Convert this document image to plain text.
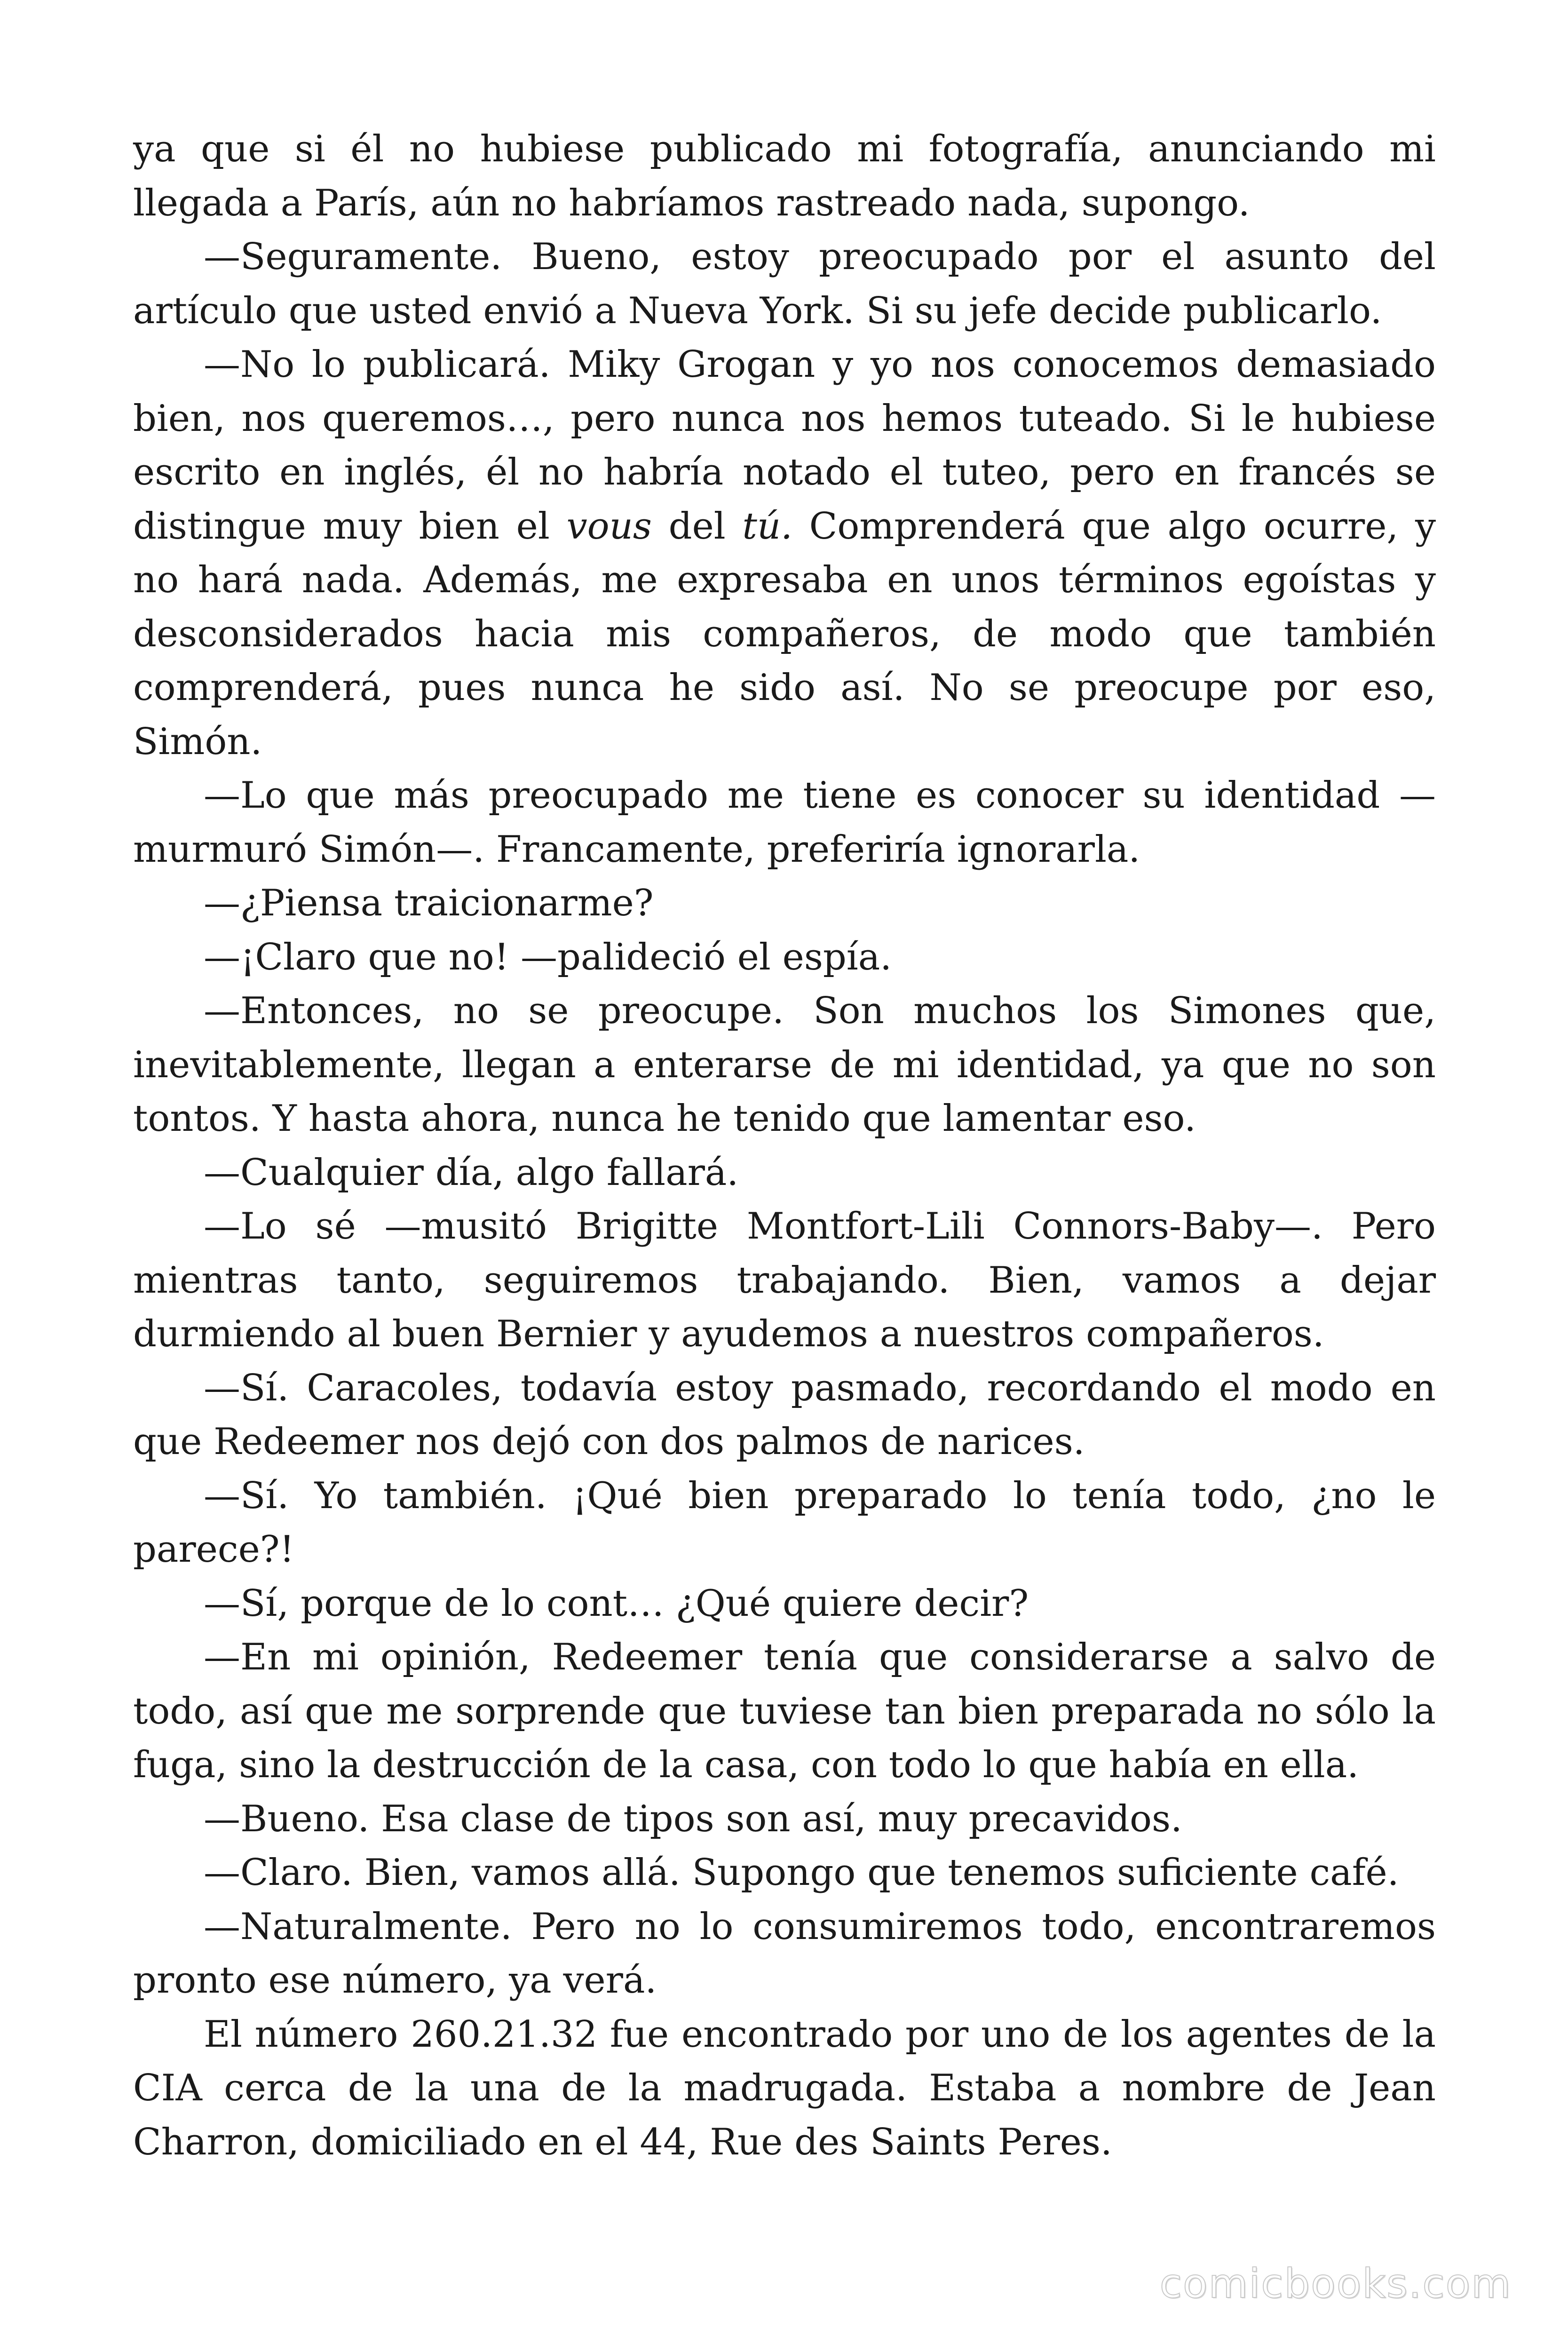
ya que si él no hubiese publicado mi fotografía, anunciando mi llegada a París, aún no habríamos rastreado nada, supongo.

—Seguramente. Bueno, estoy preocupado por el asunto del artículo que usted envió a Nueva York. Si su jefe decide publicarlo.

—No lo publicará. Miky Grogan y yo nos conocemos demasiado bien, nos queremos…, pero nunca nos hemos tuteado. Si le hubiese escrito en inglés, él no habría notado el tuteo, pero en francés se distingue muy bien el vous del tú. Comprenderá que algo ocurre, y no hará nada. Además, me expresaba en unos términos egoístas y desconsiderados hacia mis compañeros, de modo que también comprenderá, pues nunca he sido así. No se preocupe por eso, Simón.

—Lo que más preocupado me tiene es conocer su identidad —murmuró Simón—. Francamente, preferiría ignorarla.

—¿Piensa traicionarme?

—¡Claro que no! —palideció el espía.

—Entonces, no se preocupe. Son muchos los Simones que, inevitablemente, llegan a enterarse de mi identidad, ya que no son tontos. Y hasta ahora, nunca he tenido que lamentar eso.

—Cualquier día, algo fallará.

—Lo sé —musitó Brigitte Montfort-Lili Connors-Baby—. Pero mientras tanto, seguiremos trabajando. Bien, vamos a dejar durmiendo al buen Bernier y ayudemos a nuestros compañeros.

—Sí. Caracoles, todavía estoy pasmado, recordando el modo en que Redeemer nos dejó con dos palmos de narices.

—Sí. Yo también. ¡Qué bien preparado lo tenía todo, ¿no le parece?!

—Sí, porque de lo cont… ¿Qué quiere decir?

—En mi opinión, Redeemer tenía que considerarse a salvo de todo, así que me sorprende que tuviese tan bien preparada no sólo la fuga, sino la destrucción de la casa, con todo lo que había en ella.

—Bueno. Esa clase de tipos son así, muy precavidos.

—Claro. Bien, vamos allá. Supongo que tenemos suficiente café.

—Naturalmente. Pero no lo consumiremos todo, encontraremos pronto ese número, ya verá.

El número 260.21.32 fue encontrado por uno de los agentes de la CIA cerca de la una de la madrugada. Estaba a nombre de Jean Charron, domiciliado en el 44, Rue des Saints Peres.

comicbooks.com
